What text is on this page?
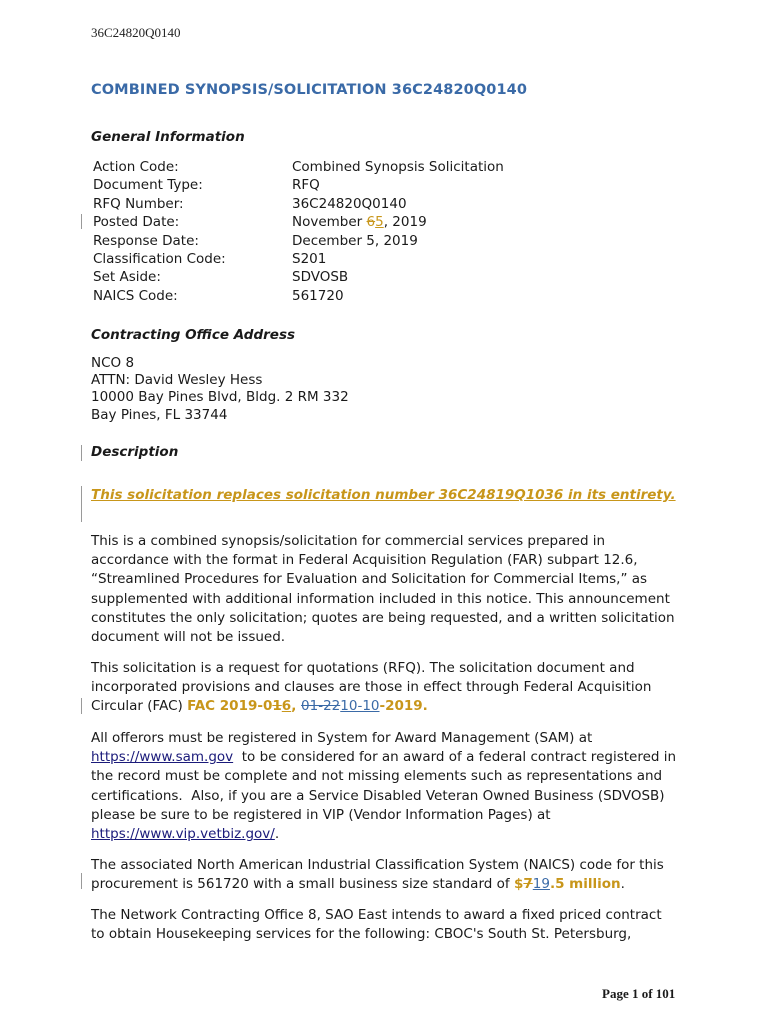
36C24820Q0140
COMBINED SYNOPSIS/SOLICITATION 36C24820Q0140
General Information
Action Code:	Combined Synopsis Solicitation
Document Type:	RFQ
RFQ Number:	36C24820Q0140
Posted Date:	November 65, 2019
Response Date:	December 5, 2019
Classification Code:	S201
Set Aside:	SDVOSB
NAICS Code:	561720
Contracting Office Address
NCO 8
ATTN: David Wesley Hess
10000 Bay Pines Blvd, Bldg. 2 RM 332
Bay Pines, FL 33744
Description
This solicitation replaces solicitation number 36C24819Q1036 in its entirety.
This is a combined synopsis/solicitation for commercial services prepared in accordance with the format in Federal Acquisition Regulation (FAR) subpart 12.6, “Streamlined Procedures for Evaluation and Solicitation for Commercial Items,” as supplemented with additional information included in this notice. This announcement constitutes the only solicitation; quotes are being requested, and a written solicitation document will not be issued.
This solicitation is a request for quotations (RFQ). The solicitation document and incorporated provisions and clauses are those in effect through Federal Acquisition Circular (FAC) FAC 2019-016, 01-2210-10-2019.
All offerors must be registered in System for Award Management (SAM) at https://www.sam.gov  to be considered for an award of a federal contract registered in the record must be complete and not missing elements such as representations and certifications.  Also, if you are a Service Disabled Veteran Owned Business (SDVOSB) please be sure to be registered in VIP (Vendor Information Pages) at https://www.vip.vetbiz.gov/.
The associated North American Industrial Classification System (NAICS) code for this procurement is 561720 with a small business size standard of $719.5 million.
The Network Contracting Office 8, SAO East intends to award a fixed priced contract to obtain Housekeeping services for the following: CBOC's South St. Petersburg,
Page 1 of 101
